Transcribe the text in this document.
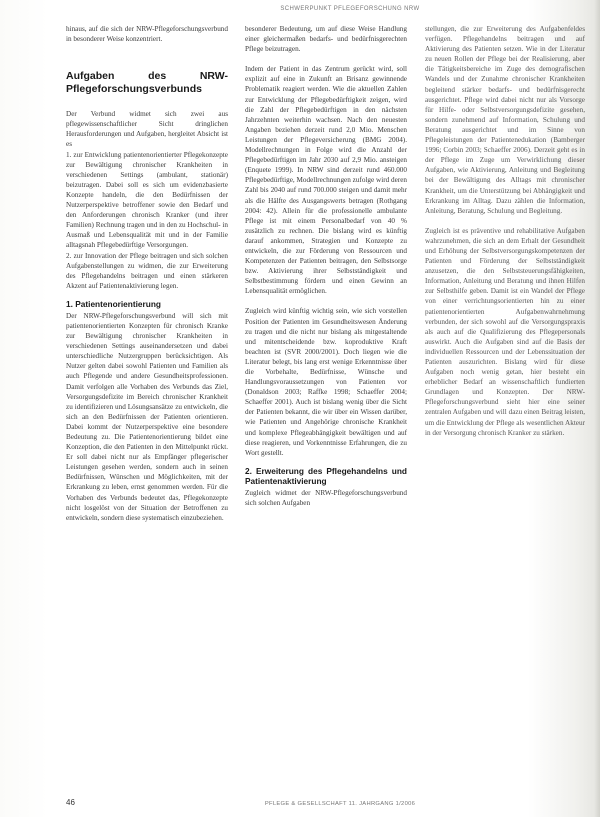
SCHWERPUNKT PFLEGEFORSCHUNG NRW

hinaus, auf die sich der NRW-Pflegeforschungsverbund in besonderer Weise konzentriert.

Aufgaben des NRW-Pflegeforschungsverbunds

Der Verbund widmet sich zwei aus pflegewissenschaftlicher Sicht dringlichen Herausforderungen und Aufgaben, hergleitet Absicht ist es

1. zur Entwicklung patientenorientierter Pflegekonzepte zur Bewältigung chronischer Krankheiten in verschiedenen Settings (ambulant, stationär) beizutragen. Dabei soll es sich um evidenzbasierte Konzepte handeln, die den Bedürfnissen der Nutzerperspektive betroffener sowie den Bedarf und den Anforderungen chronisch Kranker (und ihrer Familien) Rechnung tragen und in den zu Hochschul- in Ausmaß und Lebensqualität mit und in der Familie alltagsnah Pflegebedürftige Versorgungen.

2. zur Innovation der Pflege beitragen und sich solchen Aufgabenstellungen zu widmen, die zur Erweiterung des Pflegehandelns beitragen und einen stärkeren Akzent auf Patientenaktivierung legen.

1. Patientenorientierung

Der NRW-Pflegeforschungsverbund will sich mit patientenorientierten Konzepten für chronisch Kranke zur Bewältigung chronischer Krankheiten in verschiedenen Settings auseinandersetzen und dabei unterschiedliche Nutzergruppen berücksichtigen. Als Nutzer gelten dabei sowohl Patienten und Familien als auch Pflegende und andere Gesundheitsprofessionen. Damit verfolgen alle Vorhaben des Verbunds das Ziel, Versorgungsdefizite im Bereich chronischer Krankheit zu identifizieren und Lösungsansätze zu entwickeln, die sich an den Bedürfnissen der Patienten orientieren. Dabei kommt der Nutzerperspektive eine besondere Bedeutung zu. Die Patientenorientierung bildet eine Konzeption, die den Patienten in den Mittelpunkt rückt. Er soll dabei nicht nur als Empfänger pflegerischer Leistungen gesehen werden, sondern auch in seinen Bedürfnissen, Wünschen und Möglichkeiten, mit der Erkrankung zu leben, ernst genommen werden. Für die Vorhaben des Verbunds bedeutet das, Pflegekonzepte nicht losgelöst von der Situation der Betroffenen zu entwickeln, sondern diese systematisch einzubeziehen.

besonderer Bedeutung, um auf diese Weise Handlung einer gleichermaßen bedarfs- und bedürfnisgerechten Pflege beizutragen.

Indem der Patient in das Zentrum gerückt wird, soll explizit auf eine in Zukunft an Brisanz gewinnende Problematik reagiert werden. Wie die aktuellen Zahlen zur Entwicklung der Pflegebedürftigkeit zeigen, wird die Zahl der Pflegebedürftigen in den nächsten Jahrzehnten weiterhin wachsen. Nach den neuesten Angaben beziehen derzeit rund 2,0 Mio. Menschen Leistungen der Pflegeversicherung (BMG 2004). Modellrechnungen in Folge wird die Anzahl der Pflegebedürftigen im Jahr 2030 auf 2,9 Mio. ansteigen (Enquete 1999). In NRW sind derzeit rund 460.000 Pflegebedürftige, Modellrechnungen zufolge wird deren Zahl bis 2040 auf rund 700.000 steigen und damit mehr als die Hälfte des Ausgangswerts betragen (Rothgang 2004: 42). Allein für die professionelle ambulante Pflege ist mit einem Personalbedarf von 40 % zusätzlich zu rechnen. Die bislang wird es künftig darauf ankommen, Strategien und Konzepte zu entwickeln, die zur Förderung von Ressourcen und Kompetenzen der Patienten beitragen, den Selbstsorge bzw. Aktivierung ihrer Selbstständigkeit und Selbstbestimmung fördern und einen Gewinn an Lebensqualität ermöglichen.

Zugleich wird künftig wichtig sein, wie sich vorstellen Position der Patienten im Gesundheitswesen Änderung zu tragen und die nicht nur bislang als mitgestaltende und mitentscheidende bzw. koproduktive Kraft beachten ist (SVR 2000/2001). Doch liegen wie die Literatur belegt, bis lang erst wenige Erkenntnisse über die Vorbehalte, Bedürfnisse, Wünsche und Handlungsvoraussetzungen von Patienten vor (Donaldson 2003; Raffke 1998; Schaeffer 2004; Schaeffer 2001). Auch ist bislang wenig über die Sicht der Patienten bekannt, die wir über ein Wissen darüber, wie Patienten und Angehörige chronische Krankheit und komplexe Pflegeabhängigkeit bewältigen und auf diese reagieren, und Vorkenntnisse Erfahrungen, die zu Wort gestellt.

2. Erweiterung des Pflegehandelns und Patientenaktivierung

Zugleich widmet der NRW-Pflegeforschungsverbund sich solchen Aufgaben

stellungen, die zur Erweiterung des Aufgabenfeldes verfügen. Pflegehandelns beitragen und auf Aktivierung des Patienten setzen. Wie in der Literatur zu neuen Rollen der Pflege bei der Realisierung, aber die Tätigkeitsbereiche im Zuge des demografischen Wandels und der Zunahme chronischer Krankheiten begleitend stärker bedarfs- und bedürfnisgerecht ausgerichtet. Pflege wird dabei nicht nur als Vorsorge für Hilfe- oder Selbstversorgungsdefizite gesehen, sondern zunehmend auf Information, Schulung und Beratung ausgerichtet und im Sinne von Pflegeleistungen der Patientenedukation (Bamberger 1996; Corbin 2003; Schaeffer 2006). Derzeit geht es in der Pflege im Zuge um Verwirklichung dieser Aufgaben, wie Aktivierung, Anleitung und Begleitung bei der Bewältigung des Alltags mit chronischer Krankheit, um die Unterstützung bei Abhängigkeit und Erkrankung im Alltag. Dazu zählen die Information, Anleitung, Beratung, Schulung und Begleitung.

Zugleich ist es präventive und rehabilitative Aufgaben wahrzunehmen, die sich an dem Erhalt der Gesundheit und Erhöhung der Selbstversorgungskompetenzen der Patienten und Förderung der Selbstständigkeit anzusetzen, die den Selbststeuerungsfähigkeiten, Information, Anleitung und Beratung und ihnen Hilfen zur Selbsthilfe geben. Damit ist ein Wandel der Pflege von einer verrichtungsorientierten hin zu einer patientenorientierten Aufgabenwahrnehmung verbunden, der sich sowohl auf die Versorgungspraxis als auch auf die Qualifizierung des Pflegepersonals auswirkt. Auch die Aufgaben sind auf die Basis der individuellen Ressourcen und der Lebenssituation der Patienten auszurichten. Bislang wird für diese Aufgaben noch wenig getan, hier besteht ein erheblicher Bedarf an wissenschaftlich fundierten Grundlagen und Konzepten. Der NRW-Pflegeforschungsverbund sieht hier eine seiner zentralen Aufgaben und will dazu einen Beitrag leisten, um die Entwicklung der Pflege als wesentlichen Akteur in der Versorgung chronisch Kranker zu stärken.

46	PFLEGE & GESELLSCHAFT 11. JAHRGANG 1/2006
